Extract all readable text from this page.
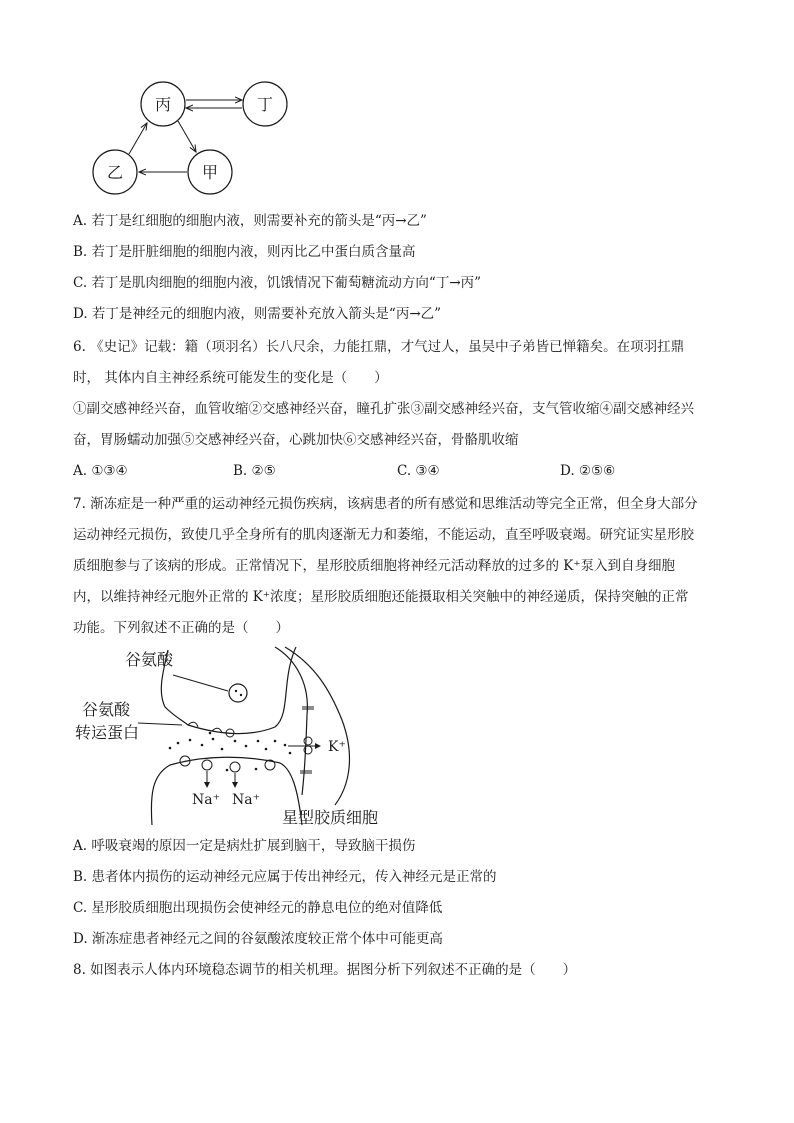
丙	丁
乙	甲
A. 若丁是红细胞的细胞内液，则需要补充的箭头是“丙→乙”
B. 若丁是肝脏细胞的细胞内液，则丙比乙中蛋白质含量高
C. 若丁是肌肉细胞的细胞内液，饥饿情况下葡萄糖流动方向“丁→丙”
D. 若丁是神经元的细胞内液，则需要补充放入箭头是“丙→乙”
6. 《史记》记载：籍（项羽名）长八尺余，力能扛鼎，才气过人，虽吴中子弟皆已惮籍矣。在项羽扛鼎
时， 其体内自主神经系统可能发生的变化是（　　）
①副交感神经兴奋，血管收缩②交感神经兴奋，瞳孔扩张③副交感神经兴奋，支气管收缩④副交感神经兴
奋，胃肠蠕动加强⑤交感神经兴奋，心跳加快⑥交感神经兴奋，骨骼肌收缩
A. ①③④	B. ②⑤	C. ③④	D. ②⑤⑥
7. 渐冻症是一种严重的运动神经元损伤疾病，该病患者的所有感觉和思维活动等完全正常，但全身大部分
运动神经元损伤，致使几乎全身所有的肌肉逐渐无力和萎缩，不能运动，直至呼吸衰竭。研究证实星形胶
质细胞参与了该病的形成。正常情况下，星形胶质细胞将神经元活动释放的过多的 K⁺泵入到自身细胞
内，以维持神经元胞外正常的 K⁺浓度；星形胶质细胞还能摄取相关突触中的神经递质，保持突触的正常
功能。下列叙述不正确的是（　　）
谷氨酸
谷氨酸
转运蛋白
K⁺
Na⁺ Na⁺
星型胶质细胞
A. 呼吸衰竭的原因一定是病灶扩展到脑干，导致脑干损伤
B. 患者体内损伤的运动神经元应属于传出神经元，传入神经元是正常的
C. 星形胶质细胞出现损伤会使神经元的静息电位的绝对值降低
D. 渐冻症患者神经元之间的谷氨酸浓度较正常个体中可能更高
8. 如图表示人体内环境稳态调节的相关机理。据图分析下列叙述不正确的是（　　）
